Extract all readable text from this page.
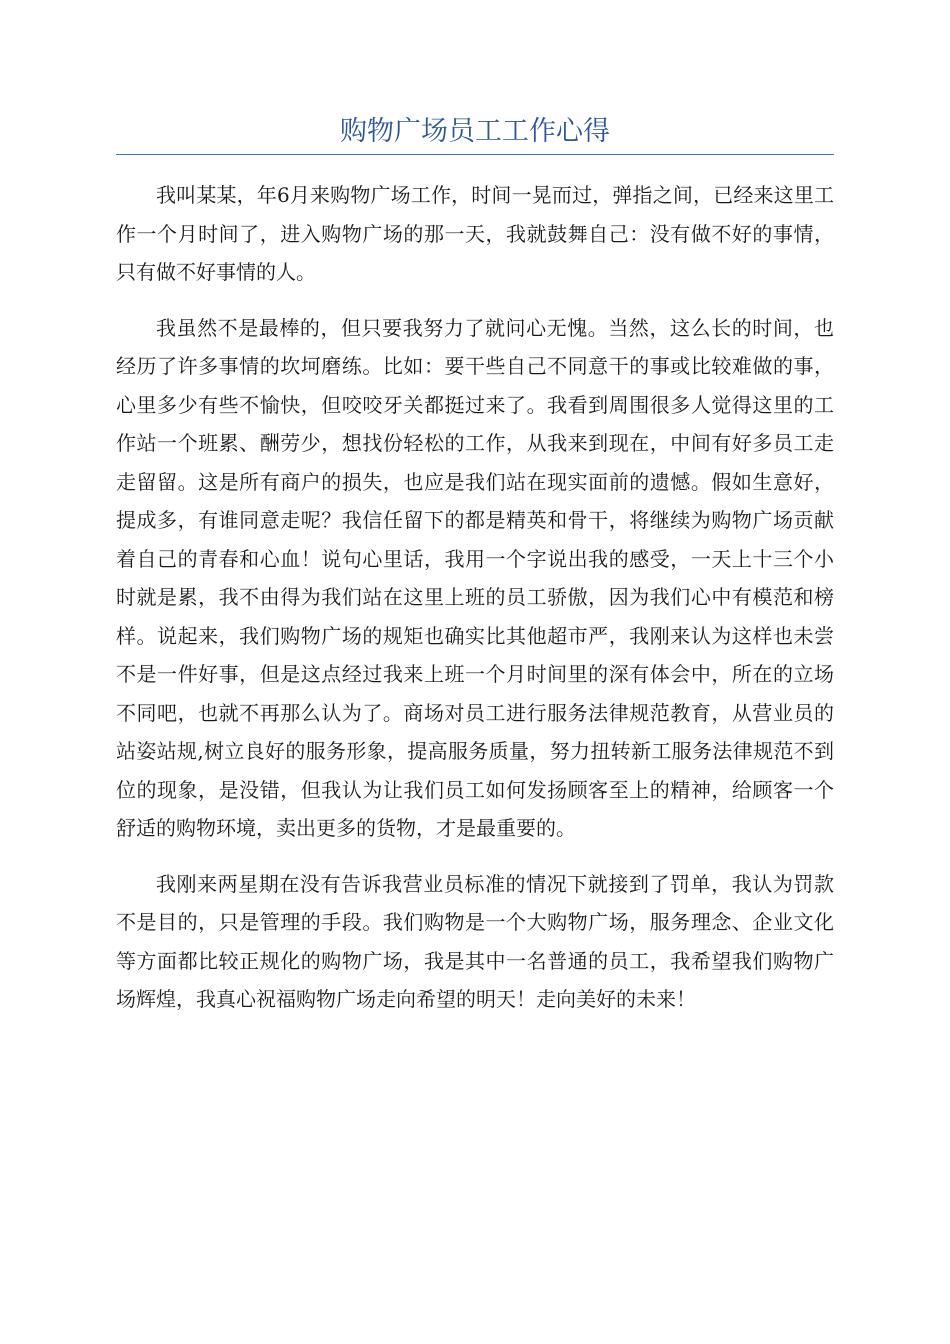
购物广场员工工作心得

我叫某某，年6月来购物广场工作，时间一晃而过，弹指之间，已经来这里工作一个月时间了，进入购物广场的那一天，我就鼓舞自己：没有做不好的事情，只有做不好事情的人。

我虽然不是最棒的，但只要我努力了就问心无愧。当然，这么长的时间，也经历了许多事情的坎坷磨练。比如：要干些自己不同意干的事或比较难做的事，心里多少有些不愉快，但咬咬牙关都挺过来了。我看到周围很多人觉得这里的工作站一个班累、酬劳少，想找份轻松的工作，从我来到现在，中间有好多员工走走留留。这是所有商户的损失，也应是我们站在现实面前的遗憾。假如生意好，提成多，有谁同意走呢？我信任留下的都是精英和骨干，将继续为购物广场贡献着自己的青春和心血！说句心里话，我用一个字说出我的感受，一天上十三个小时就是累，我不由得为我们站在这里上班的员工骄傲，因为我们心中有模范和榜样。说起来，我们购物广场的规矩也确实比其他超市严，我刚来认为这样也未尝不是一件好事，但是这点经过我来上班一个月时间里的深有体会中，所在的立场不同吧，也就不再那么认为了。商场对员工进行服务法律规范教育，从营业员的站姿站规,树立良好的服务形象，提高服务质量，努力扭转新工服务法律规范不到位的现象，是没错，但我认为让我们员工如何发扬顾客至上的精神，给顾客一个舒适的购物环境，卖出更多的货物，才是最重要的。

我刚来两星期在没有告诉我营业员标准的情况下就接到了罚单，我认为罚款不是目的，只是管理的手段。我们购物是一个大购物广场，服务理念、企业文化等方面都比较正规化的购物广场，我是其中一名普通的员工，我希望我们购物广场辉煌，我真心祝福购物广场走向希望的明天！走向美好的未来！
